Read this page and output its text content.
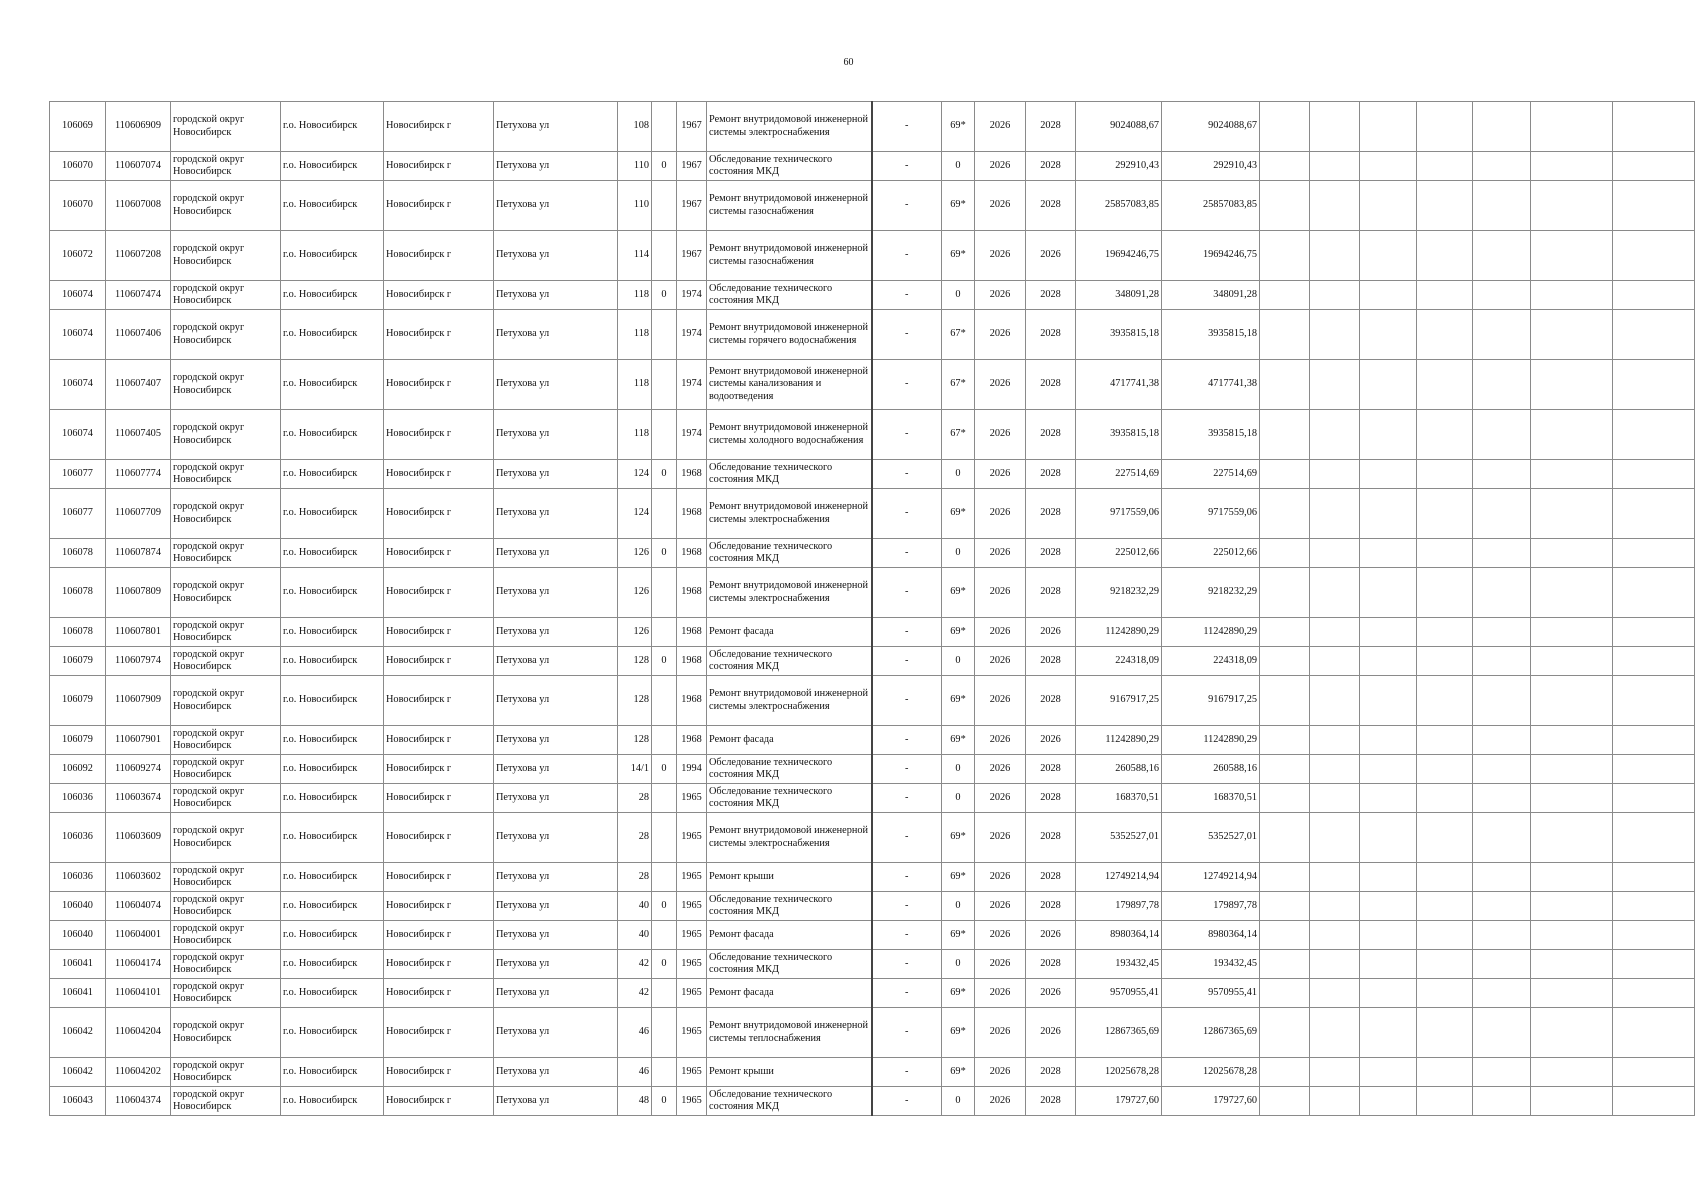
60
106069	110606909	городской округ Новосибирск	г.о. Новосибирск	Новосибирск г	Петухова ул	108		1967	Ремонт внутридомовой инженерной системы электроснабжения	-	69*	2026	2028	9024088,67	9024088,67							
106070	110607074	городской округ Новосибирск	г.о. Новосибирск	Новосибирск г	Петухова ул	110	0	1967	Обследование технического состояния МКД	-	0	2026	2028	292910,43	292910,43							
106070	110607008	городской округ Новосибирск	г.о. Новосибирск	Новосибирск г	Петухова ул	110		1967	Ремонт внутридомовой инженерной системы газоснабжения	-	69*	2026	2028	25857083,85	25857083,85							
106072	110607208	городской округ Новосибирск	г.о. Новосибирск	Новосибирск г	Петухова ул	114		1967	Ремонт внутридомовой инженерной системы газоснабжения	-	69*	2026	2026	19694246,75	19694246,75							
106074	110607474	городской округ Новосибирск	г.о. Новосибирск	Новосибирск г	Петухова ул	118	0	1974	Обследование технического состояния МКД	-	0	2026	2028	348091,28	348091,28							
106074	110607406	городской округ Новосибирск	г.о. Новосибирск	Новосибирск г	Петухова ул	118		1974	Ремонт внутридомовой инженерной системы горячего водоснабжения	-	67*	2026	2028	3935815,18	3935815,18							
106074	110607407	городской округ Новосибирск	г.о. Новосибирск	Новосибирск г	Петухова ул	118		1974	Ремонт внутридомовой инженерной системы канализования и водоотведения	-	67*	2026	2028	4717741,38	4717741,38							
106074	110607405	городской округ Новосибирск	г.о. Новосибирск	Новосибирск г	Петухова ул	118		1974	Ремонт внутридомовой инженерной системы холодного водоснабжения	-	67*	2026	2028	3935815,18	3935815,18							
106077	110607774	городской округ Новосибирск	г.о. Новосибирск	Новосибирск г	Петухова ул	124	0	1968	Обследование технического состояния МКД	-	0	2026	2028	227514,69	227514,69							
106077	110607709	городской округ Новосибирск	г.о. Новосибирск	Новосибирск г	Петухова ул	124		1968	Ремонт внутридомовой инженерной системы электроснабжения	-	69*	2026	2028	9717559,06	9717559,06							
106078	110607874	городской округ Новосибирск	г.о. Новосибирск	Новосибирск г	Петухова ул	126	0	1968	Обследование технического состояния МКД	-	0	2026	2028	225012,66	225012,66							
106078	110607809	городской округ Новосибирск	г.о. Новосибирск	Новосибирск г	Петухова ул	126		1968	Ремонт внутридомовой инженерной системы электроснабжения	-	69*	2026	2028	9218232,29	9218232,29							
106078	110607801	городской округ Новосибирск	г.о. Новосибирск	Новосибирск г	Петухова ул	126		1968	Ремонт фасада	-	69*	2026	2026	11242890,29	11242890,29							
106079	110607974	городской округ Новосибирск	г.о. Новосибирск	Новосибирск г	Петухова ул	128	0	1968	Обследование технического состояния МКД	-	0	2026	2028	224318,09	224318,09							
106079	110607909	городской округ Новосибирск	г.о. Новосибирск	Новосибирск г	Петухова ул	128		1968	Ремонт внутридомовой инженерной системы электроснабжения	-	69*	2026	2028	9167917,25	9167917,25							
106079	110607901	городской округ Новосибирск	г.о. Новосибирск	Новосибирск г	Петухова ул	128		1968	Ремонт фасада	-	69*	2026	2026	11242890,29	11242890,29							
106092	110609274	городской округ Новосибирск	г.о. Новосибирск	Новосибирск г	Петухова ул	14/1	0	1994	Обследование технического состояния МКД	-	0	2026	2028	260588,16	260588,16							
106036	110603674	городской округ Новосибирск	г.о. Новосибирск	Новосибирск г	Петухова ул	28		1965	Обследование технического состояния МКД	-	0	2026	2028	168370,51	168370,51							
106036	110603609	городской округ Новосибирск	г.о. Новосибирск	Новосибирск г	Петухова ул	28		1965	Ремонт внутридомовой инженерной системы электроснабжения	-	69*	2026	2028	5352527,01	5352527,01							
106036	110603602	городской округ Новосибирск	г.о. Новосибирск	Новосибирск г	Петухова ул	28		1965	Ремонт крыши	-	69*	2026	2028	12749214,94	12749214,94							
106040	110604074	городской округ Новосибирск	г.о. Новосибирск	Новосибирск г	Петухова ул	40	0	1965	Обследование технического состояния МКД	-	0	2026	2028	179897,78	179897,78							
106040	110604001	городской округ Новосибирск	г.о. Новосибирск	Новосибирск г	Петухова ул	40		1965	Ремонт фасада	-	69*	2026	2026	8980364,14	8980364,14							
106041	110604174	городской округ Новосибирск	г.о. Новосибирск	Новосибирск г	Петухова ул	42	0	1965	Обследование технического состояния МКД	-	0	2026	2028	193432,45	193432,45							
106041	110604101	городской округ Новосибирск	г.о. Новосибирск	Новосибирск г	Петухова ул	42		1965	Ремонт фасада	-	69*	2026	2026	9570955,41	9570955,41							
106042	110604204	городской округ Новосибирск	г.о. Новосибирск	Новосибирск г	Петухова ул	46		1965	Ремонт внутридомовой инженерной системы теплоснабжения	-	69*	2026	2026	12867365,69	12867365,69							
106042	110604202	городской округ Новосибирск	г.о. Новосибирск	Новосибирск г	Петухова ул	46		1965	Ремонт крыши	-	69*	2026	2028	12025678,28	12025678,28							
106043	110604374	городской округ Новосибирск	г.о. Новосибирск	Новосибирск г	Петухова ул	48	0	1965	Обследование технического состояния МКД	-	0	2026	2028	179727,60	179727,60							
